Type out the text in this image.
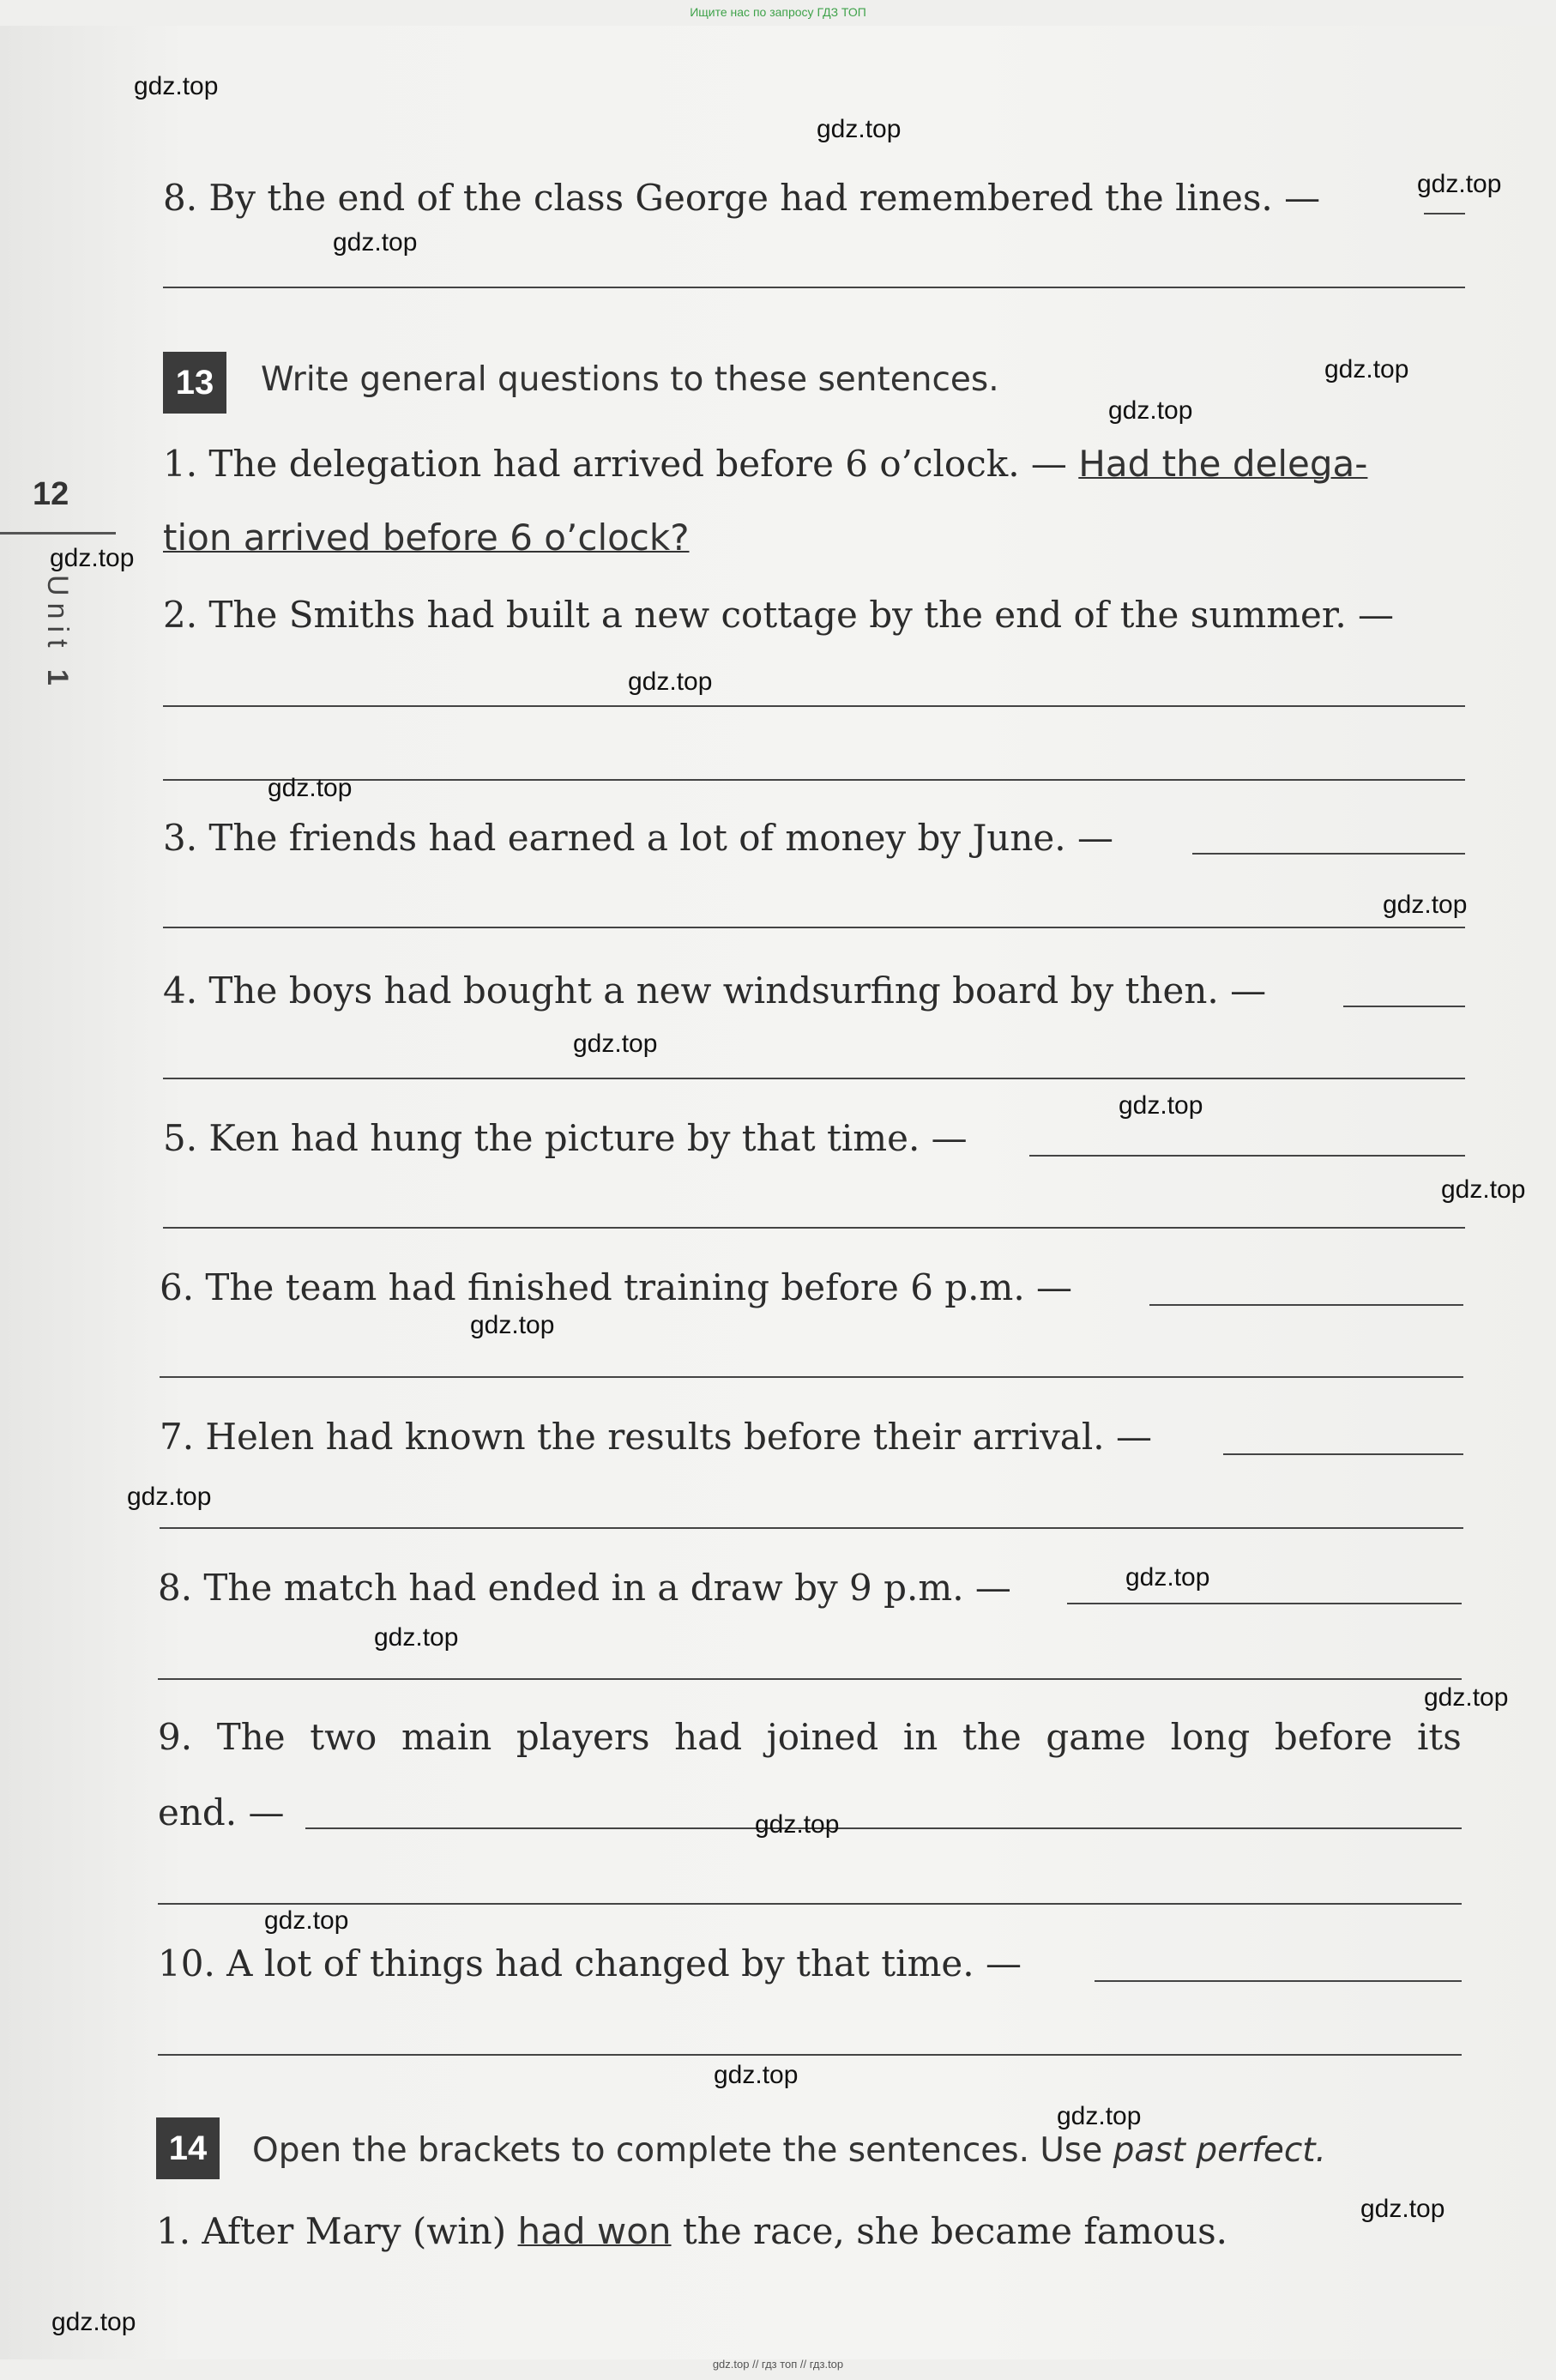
Ищите нас по запросу ГДЗ ТОП
12
Unit 1
8. By the end of the class George had remembered the lines. —
13	Write general questions to these sentences.
1. The delegation had arrived before 6 o’clock. — Had the delega-
tion arrived before 6 o’clock?
2. The Smiths had built a new cottage by the end of the summer. —
3. The friends had earned a lot of money by June. —
4. The boys had bought a new windsurfing board by then. —
5. Ken had hung the picture by that time. —
6. The team had finished training before 6 p.m. —
7. Helen had known the results before their arrival. —
8. The match had ended in a draw by 9 p.m. —
9. The two main players had joined in the game long before its
end. —
10. A lot of things had changed by that time. —
14	Open the brackets to complete the sentences. Use past perfect.
1. After Mary (win) had won the race, she became famous.
gdz.top
gdz.top
gdz.top
gdz.top
gdz.top
gdz.top
gdz.top
gdz.top
gdz.top
gdz.top
gdz.top
gdz.top
gdz.top
gdz.top
gdz.top
gdz.top
gdz.top
gdz.top
gdz.top
gdz.top
gdz.top
gdz.top
gdz.top
gdz.top
gdz.top // гдз топ // гдз.top
